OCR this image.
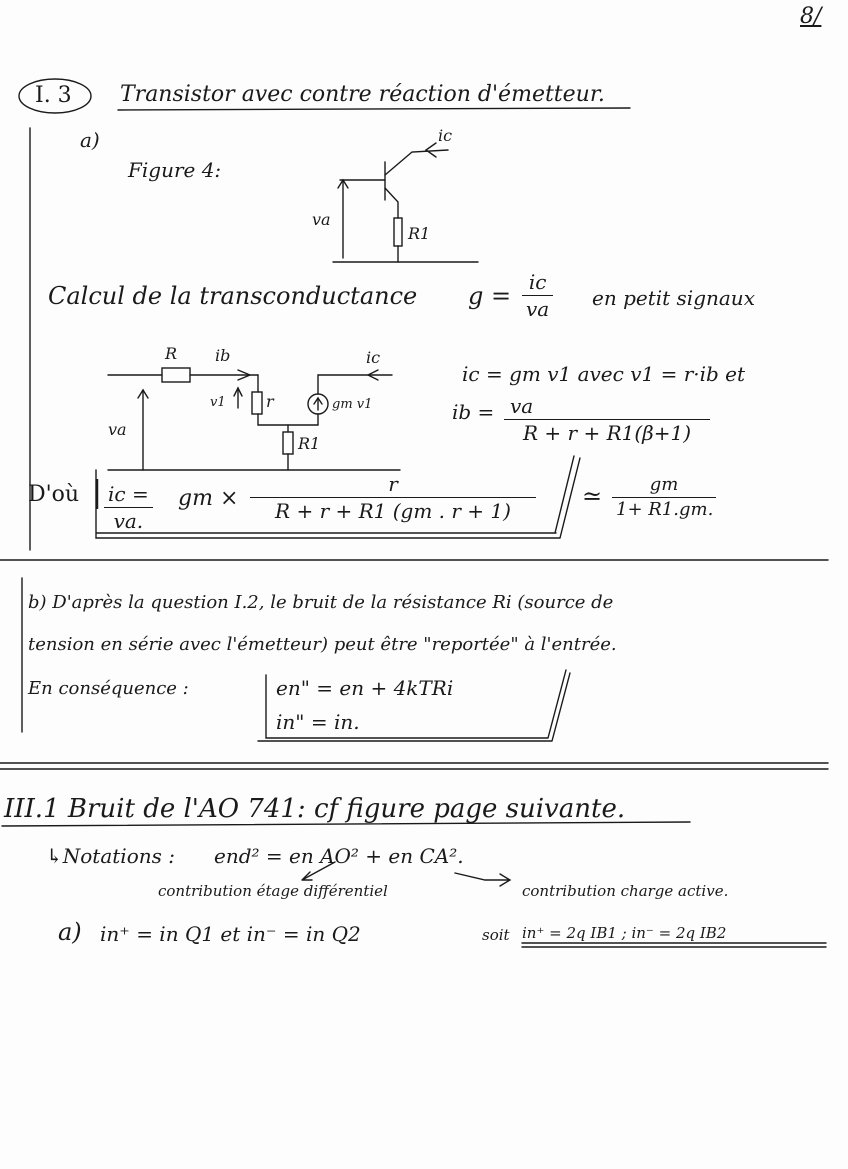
8/
I. 3 Transistor avec contre réaction d'émetteur.
a)
Figure 4:
ic
va
R1
Calcul de la transconductance $g = \frac{ic}{va}$ en petit signaux
R ib	ic
v1	r	gm v1
va
R1
ic = gm v1 avec v1 = r·ib et
ib = $\frac{va}{R + r + R1(\beta+1)}$
D'où | $\frac{ic =}{va.}$ gm × $\frac{r}{R + r + R1 (gm . r + 1)}$ ≃ $\frac{gm}{1+ R1.gm.}$
b) D'après la question I.2, le bruit de la résistance Ri (source de
tension en série avec l'émetteur) peut être "reportée" à l'entrée.
En conséquence :	en" = en + 4kTRi
in" = in.
III.1 Bruit de l'AO 741: cf figure page suivante.
↳Notations : end² = en AO² + en CA².
contribution étage différentiel	contribution charge active.
a) in⁺ = in Q1 et in⁻ = in Q2	soit in⁺ = 2q IB1 ; in⁻ = 2q IB2
